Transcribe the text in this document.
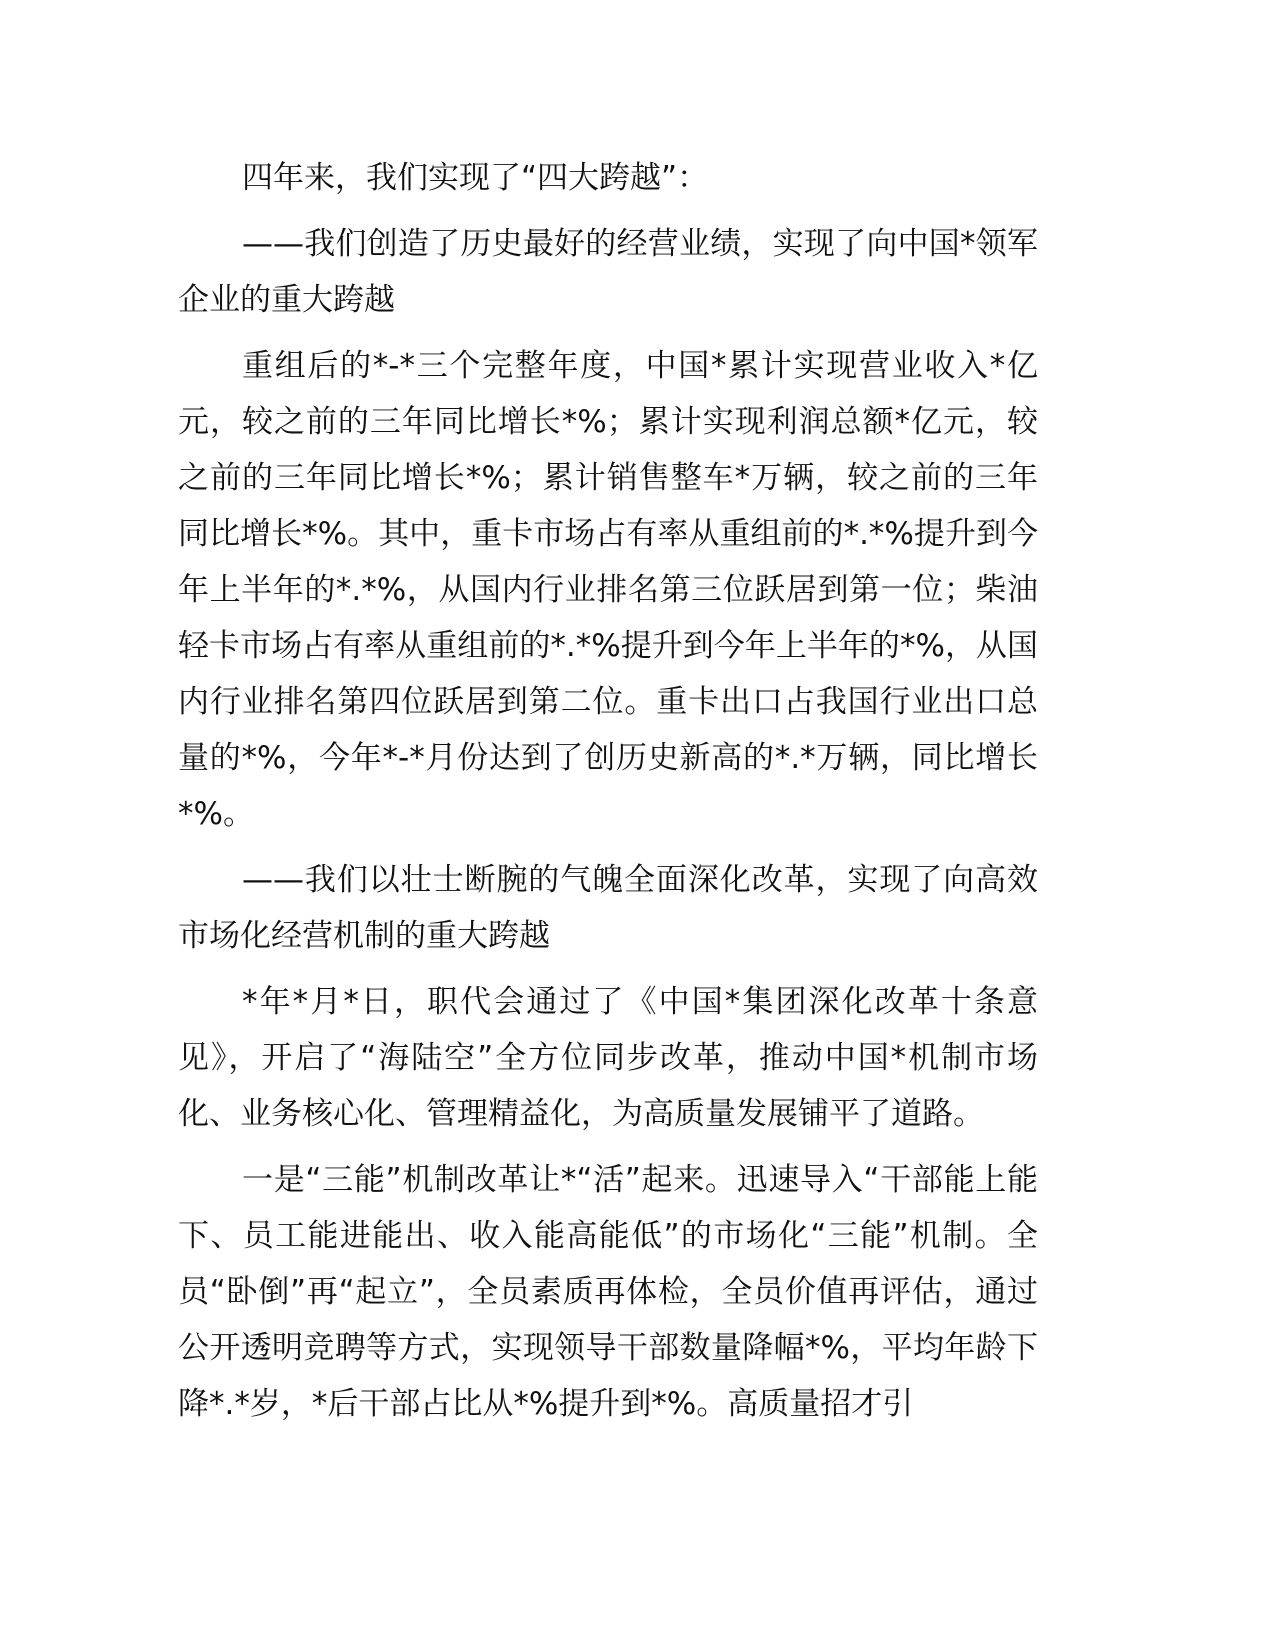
四年来，我们实现了“四大跨越”：

——我们创造了历史最好的经营业绩，实现了向中国*领军企业的重大跨越

重组后的*-*三个完整年度，中国*累计实现营业收入*亿元，较之前的三年同比增长*%；累计实现利润总额*亿元，较之前的三年同比增长*%；累计销售整车*万辆，较之前的三年同比增长*%。其中，重卡市场占有率从重组前的*.*%提升到今年上半年的*.*%，从国内行业排名第三位跃居到第一位；柴油轻卡市场占有率从重组前的*.*%提升到今年上半年的*%，从国内行业排名第四位跃居到第二位。重卡出口占我国行业出口总量的*%，今年*-*月份达到了创历史新高的*.*万辆，同比增长*%。

——我们以壮士断腕的气魄全面深化改革，实现了向高效市场化经营机制的重大跨越

*年*月*日，职代会通过了《中国*集团深化改革十条意见》，开启了“海陆空”全方位同步改革，推动中国*机制市场化、业务核心化、管理精益化，为高质量发展铺平了道路。

一是“三能”机制改革让*“活”起来。迅速导入“干部能上能下、员工能进能出、收入能高能低”的市场化“三能”机制。全员“卧倒”再“起立”，全员素质再体检，全员价值再评估，通过公开透明竞聘等方式，实现领导干部数量降幅*%，平均年龄下降*.*岁，*后干部占比从*%提升到*%。高质量招才引
